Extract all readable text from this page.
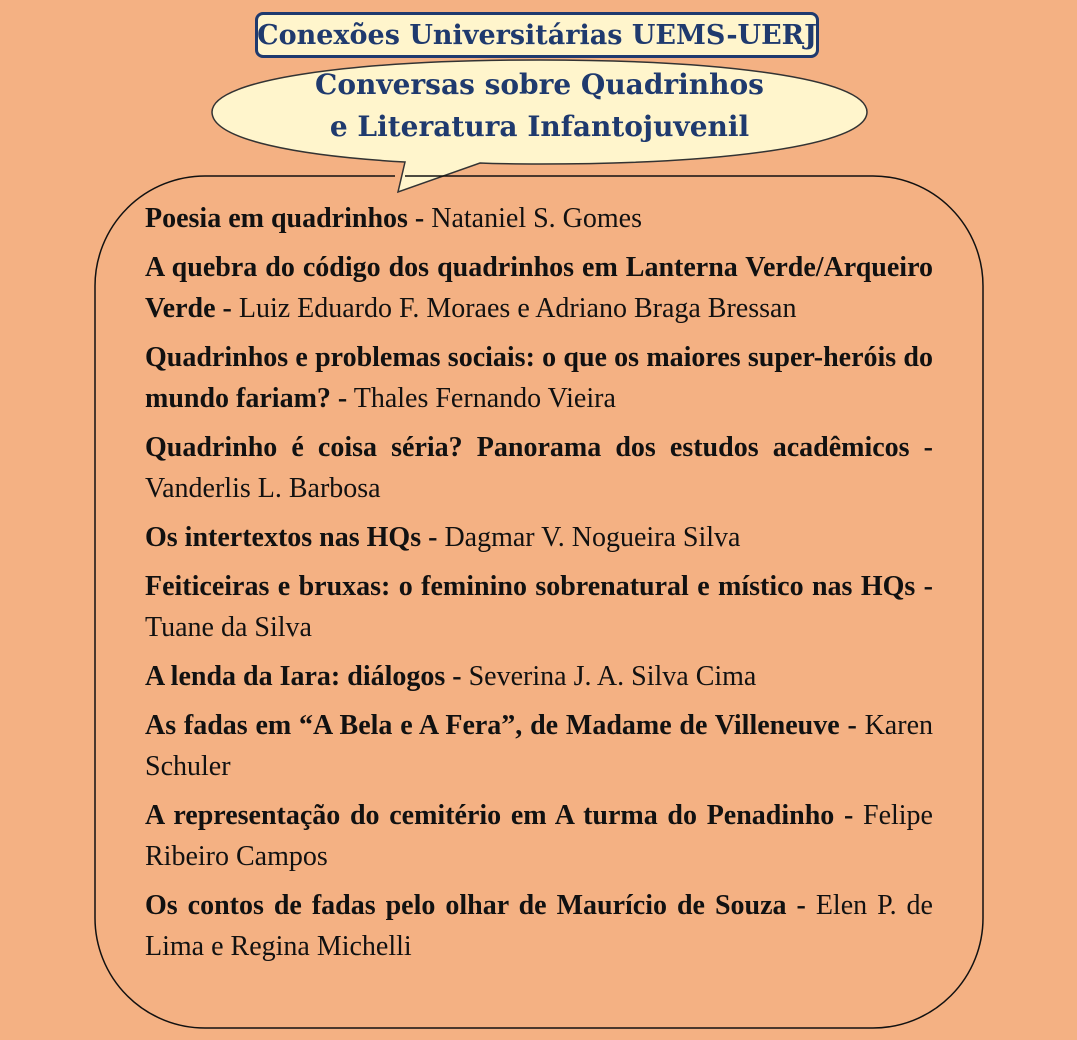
Conexões Universitárias UEMS-UERJ
Conversas sobre Quadrinhos
e Literatura Infantojuvenil
Poesia em quadrinhos - Nataniel S. Gomes
A quebra do código dos quadrinhos em Lanterna Verde/Arqueiro Verde - Luiz Eduardo F. Moraes e Adriano Braga Bressan
Quadrinhos e problemas sociais: o que os maiores super-heróis do mundo fariam? - Thales Fernando Vieira
Quadrinho é coisa séria? Panorama dos estudos acadêmicos - Vanderlis L. Barbosa
Os intertextos nas HQs - Dagmar V. Nogueira Silva
Feiticeiras e bruxas: o feminino sobrenatural e místico nas HQs - Tuane da Silva
A lenda da Iara: diálogos - Severina J. A. Silva Cima
As fadas em “A Bela e A Fera”, de Madame de Villeneuve - Karen Schuler
A representação do cemitério em A turma do Penadinho - Felipe Ribeiro Campos
Os contos de fadas pelo olhar de Maurício de Souza - Elen P. de Lima e Regina Michelli
